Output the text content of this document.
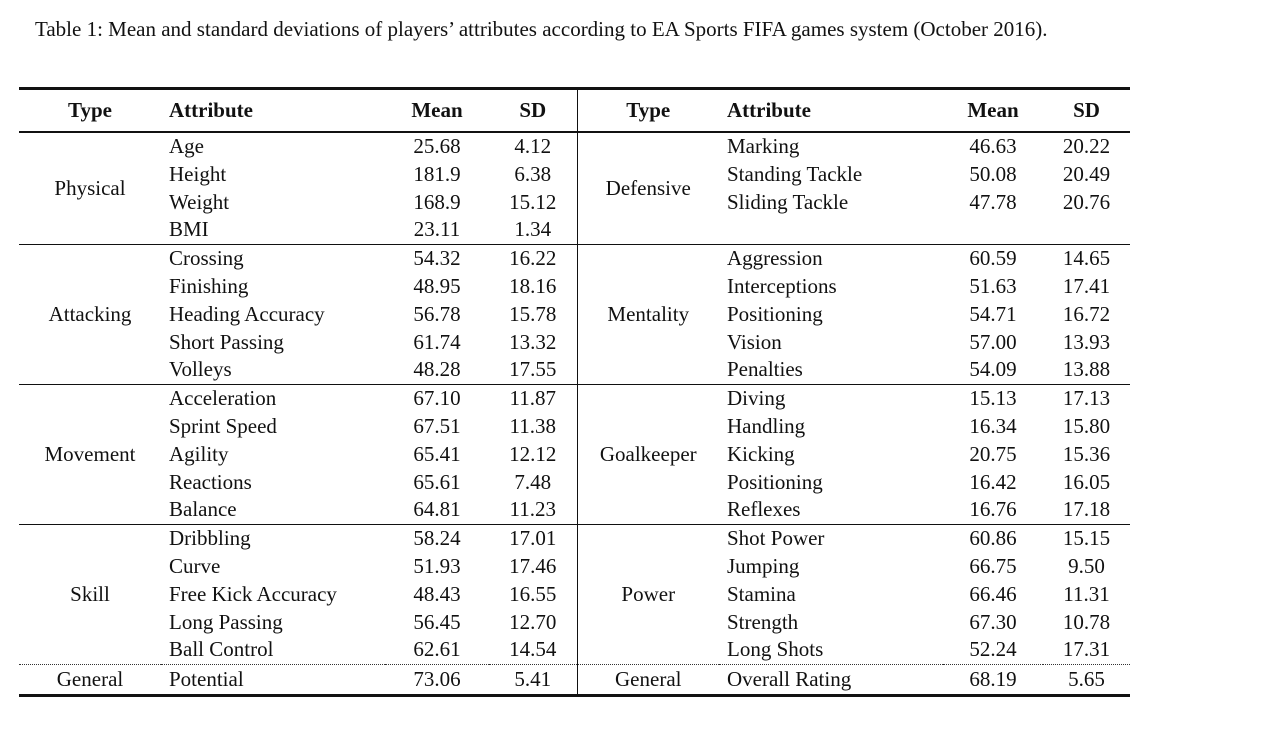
Table 1: Mean and standard deviations of players’ attributes according to EA Sports FIFA games system (October 2016).
Type	Attribute	Mean	SD	Type	Attribute	Mean	SD
Physical	Age	25.68	4.12	Defensive	Marking	46.63	20.22
	Height	181.9	6.38		Standing Tackle	50.08	20.49
	Weight	168.9	15.12		Sliding Tackle	47.78	20.76
	BMI	23.11	1.34				
Attacking	Crossing	54.32	16.22	Mentality	Aggression	60.59	14.65
	Finishing	48.95	18.16		Interceptions	51.63	17.41
	Heading Accuracy	56.78	15.78		Positioning	54.71	16.72
	Short Passing	61.74	13.32		Vision	57.00	13.93
	Volleys	48.28	17.55		Penalties	54.09	13.88
Movement	Acceleration	67.10	11.87	Goalkeeper	Diving	15.13	17.13
	Sprint Speed	67.51	11.38		Handling	16.34	15.80
	Agility	65.41	12.12		Kicking	20.75	15.36
	Reactions	65.61	7.48		Positioning	16.42	16.05
	Balance	64.81	11.23		Reflexes	16.76	17.18
Skill	Dribbling	58.24	17.01	Power	Shot Power	60.86	15.15
	Curve	51.93	17.46		Jumping	66.75	9.50
	Free Kick Accuracy	48.43	16.55		Stamina	66.46	11.31
	Long Passing	56.45	12.70		Strength	67.30	10.78
	Ball Control	62.61	14.54		Long Shots	52.24	17.31
General	Potential	73.06	5.41	General	Overall Rating	68.19	5.65
